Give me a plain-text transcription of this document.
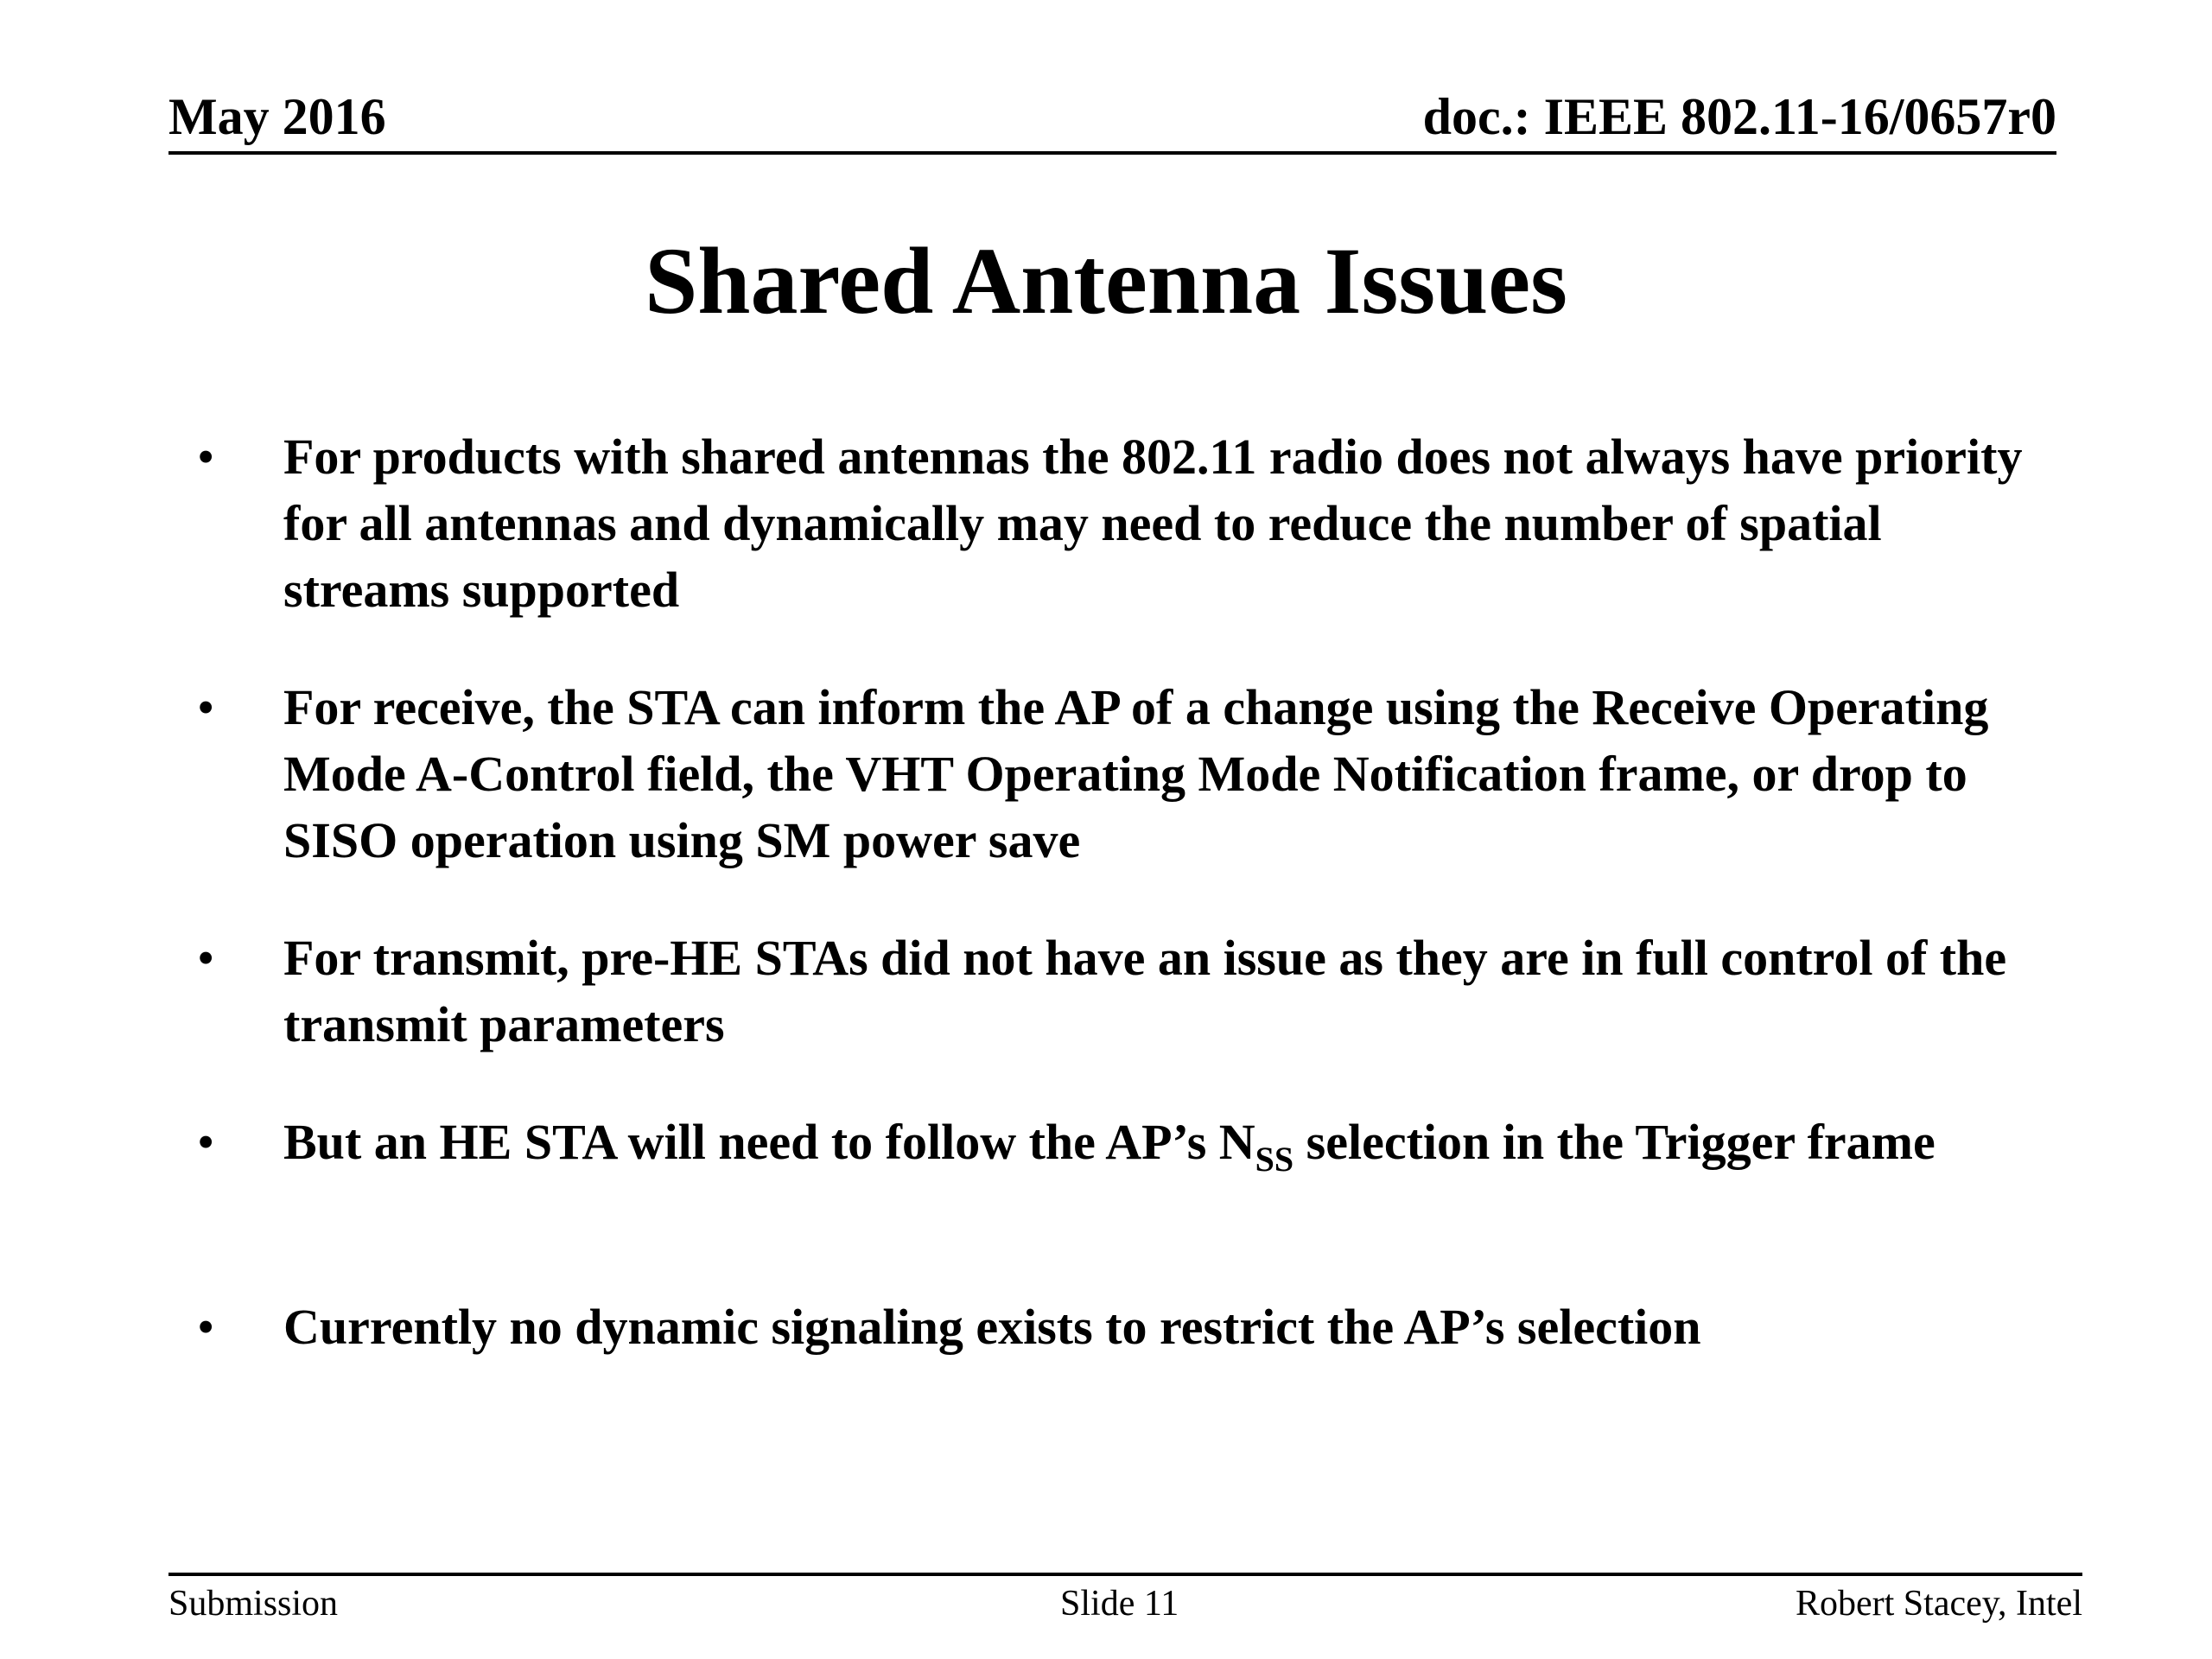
May 2016	doc.: IEEE 802.11-16/0657r0
Shared Antenna Issues
•	For products with shared antennas the 802.11 radio does not always have priority for all antennas and dynamically may need to reduce the number of spatial streams supported
•	For receive, the STA can inform the AP of a change using the Receive Operating Mode A-Control field, the VHT Operating Mode Notification frame, or drop to SISO operation using SM power save
•	For transmit, pre-HE STAs did not have an issue as they are in full control of the transmit parameters
•	But an HE STA will need to follow the AP’s $N_{SS}$ selection in the Trigger frame
•	Currently no dynamic signaling exists to restrict the AP’s selection
Submission	Slide 11	Robert Stacey, Intel
